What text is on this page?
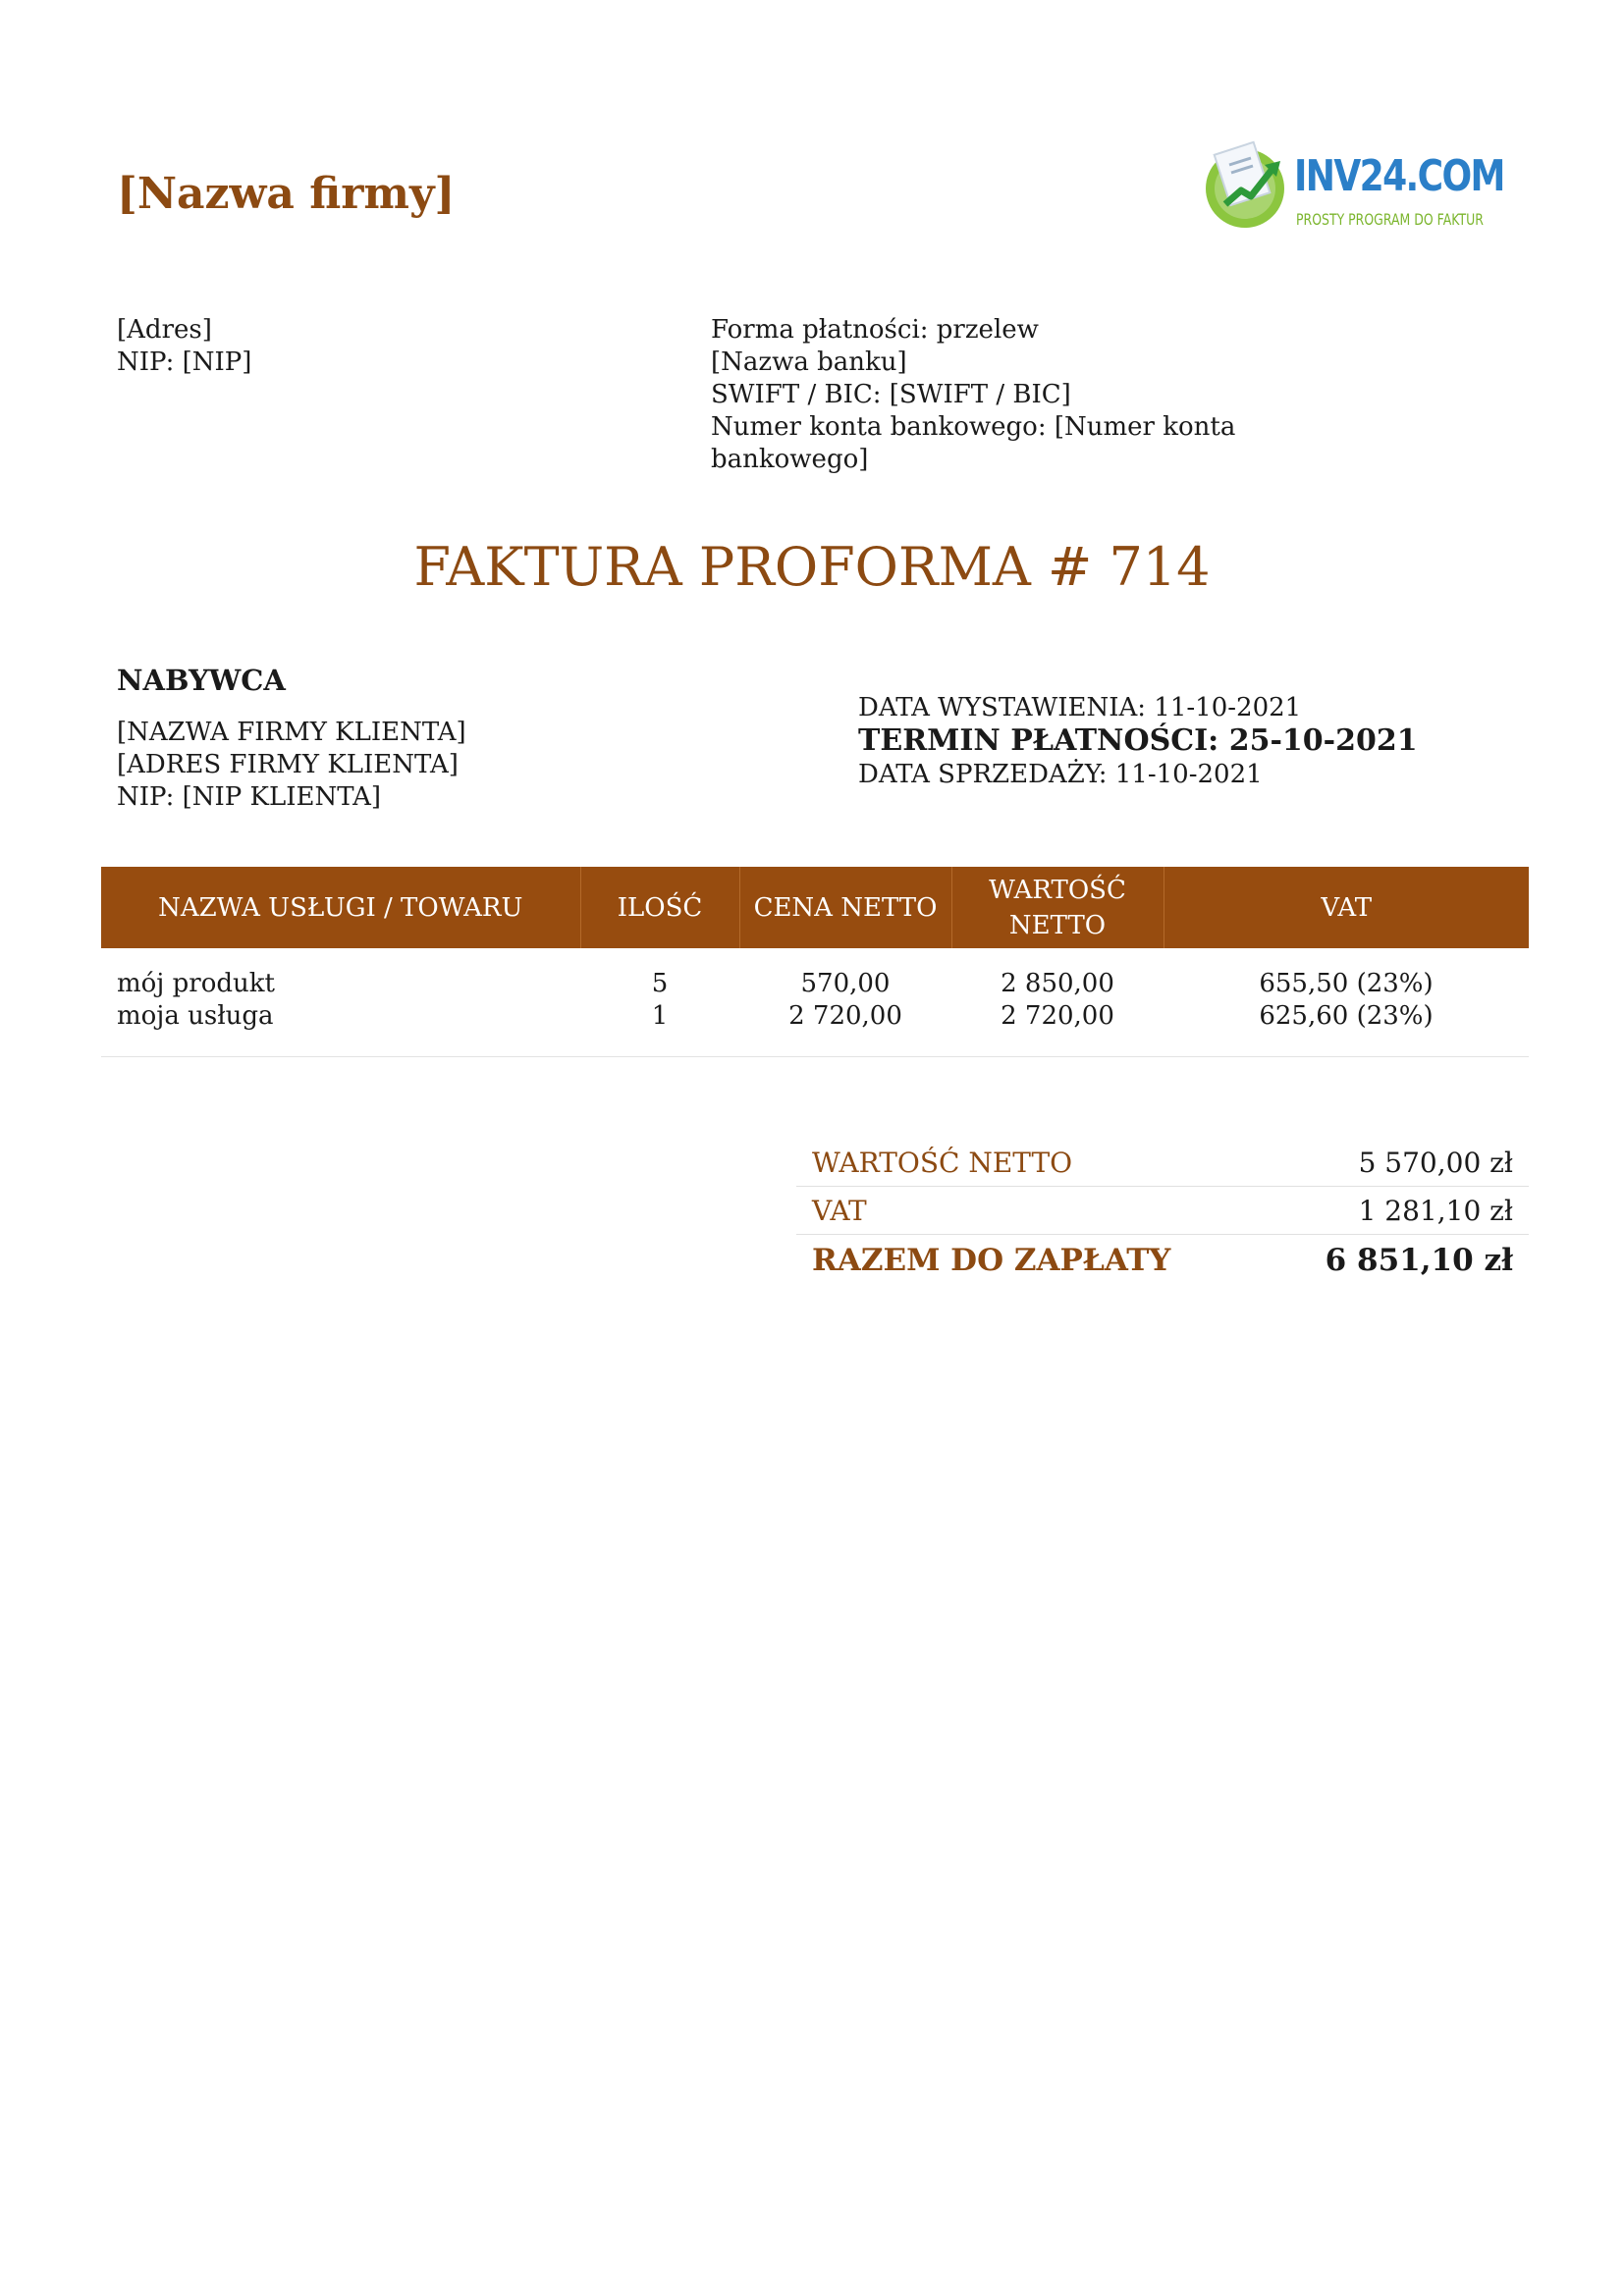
[Nazwa firmy]	INV24.COM
PROSTY PROGRAM DO FAKTUR
[Adres]
NIP: [NIP]
Forma płatności: przelew
[Nazwa banku]
SWIFT / BIC: [SWIFT / BIC]
Numer konta bankowego: [Numer konta
bankowego]
FAKTURA PROFORMA # 714
NABYWCA
[NAZWA FIRMY KLIENTA]
[ADRES FIRMY KLIENTA]
NIP: [NIP KLIENTA]
DATA WYSTAWIENIA: 11-10-2021
TERMIN PŁATNOŚCI: 25-10-2021
DATA SPRZEDAŻY: 11-10-2021
NAZWA USŁUGI / TOWARU	ILOŚĆ	CENA NETTO	WARTOŚĆ
NETTO	VAT
mój produkt	5	570,00	2 850,00	655,50 (23%)
moja usługa	1	2 720,00	2 720,00	625,60 (23%)
WARTOŚĆ NETTO	5 570,00 zł
VAT	1 281,10 zł
RAZEM DO ZAPŁATY	6 851,10 zł
